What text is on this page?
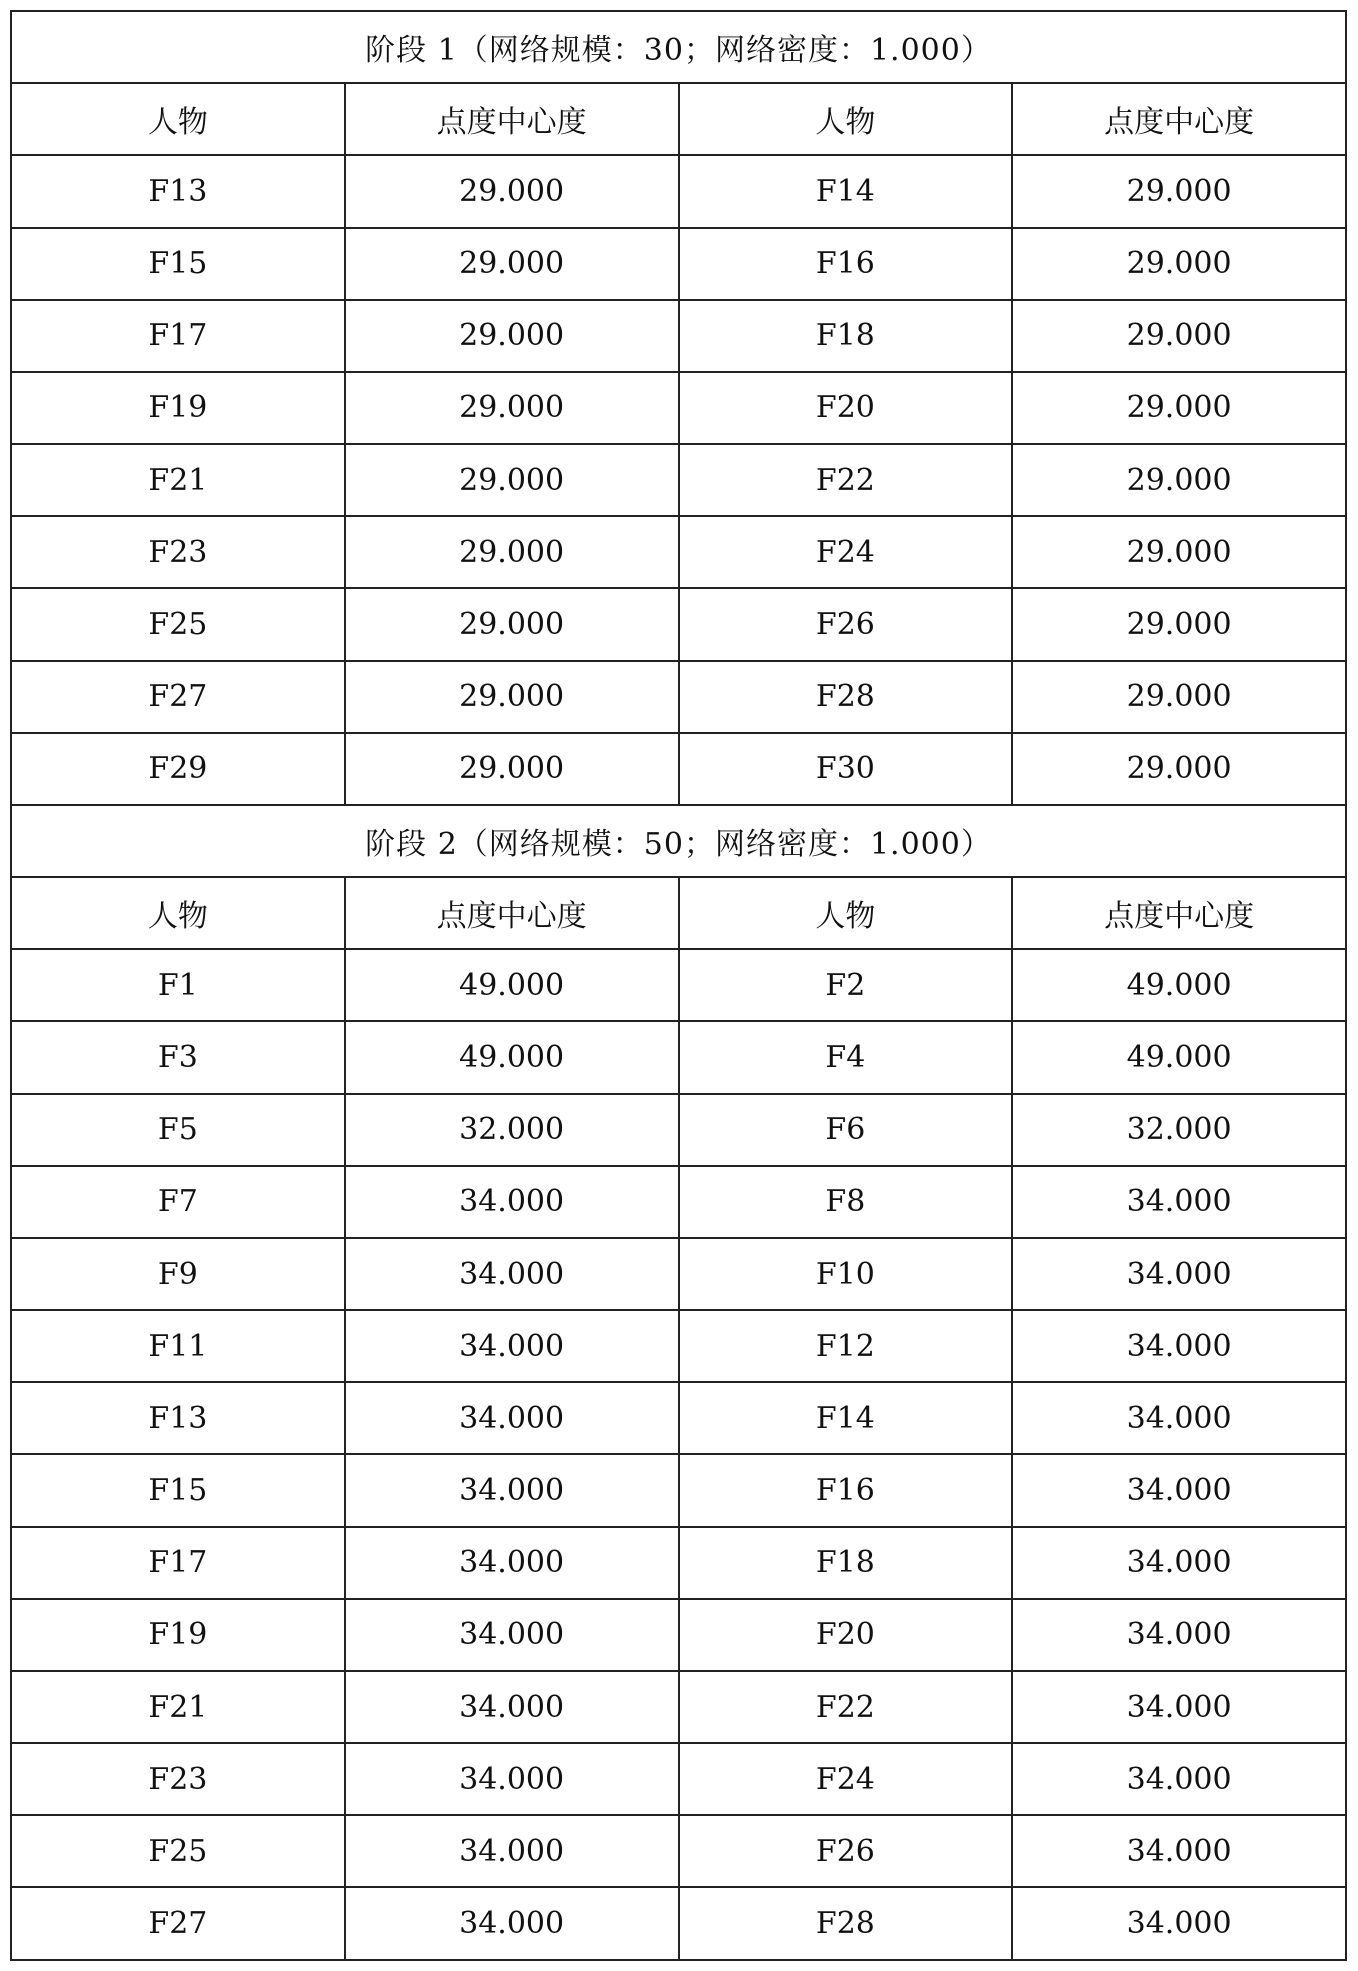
阶段 1（网络规模：30；网络密度：1.000）			
人物	点度中心度	人物	点度中心度
F13	29.000	F14	29.000
F15	29.000	F16	29.000
F17	29.000	F18	29.000
F19	29.000	F20	29.000
F21	29.000	F22	29.000
F23	29.000	F24	29.000
F25	29.000	F26	29.000
F27	29.000	F28	29.000
F29	29.000	F30	29.000
阶段 2（网络规模：50；网络密度：1.000）			
人物	点度中心度	人物	点度中心度
F1	49.000	F2	49.000
F3	49.000	F4	49.000
F5	32.000	F6	32.000
F7	34.000	F8	34.000
F9	34.000	F10	34.000
F11	34.000	F12	34.000
F13	34.000	F14	34.000
F15	34.000	F16	34.000
F17	34.000	F18	34.000
F19	34.000	F20	34.000
F21	34.000	F22	34.000
F23	34.000	F24	34.000
F25	34.000	F26	34.000
F27	34.000	F28	34.000
